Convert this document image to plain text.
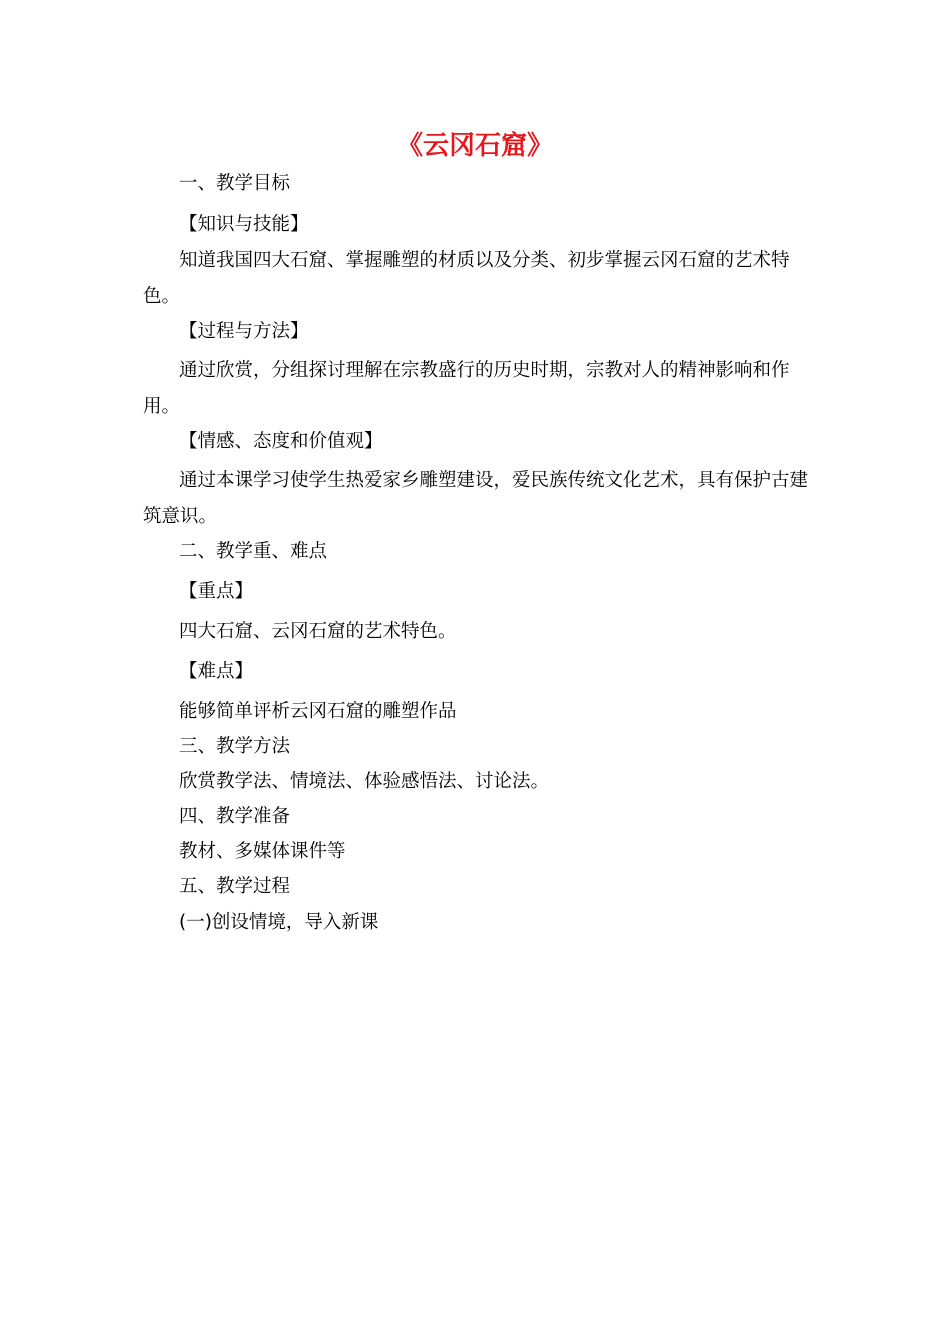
《云冈石窟》

一、教学目标

【知识与技能】

知道我国四大石窟、掌握雕塑的材质以及分类、初步掌握云冈石窟的艺术特色。

【过程与方法】

通过欣赏，分组探讨理解在宗教盛行的历史时期，宗教对人的精神影响和作用。

【情感、态度和价值观】

通过本课学习使学生热爱家乡雕塑建设，爱民族传统文化艺术，具有保护古建筑意识。

二、教学重、难点

【重点】

四大石窟、云冈石窟的艺术特色。

【难点】

能够简单评析云冈石窟的雕塑作品

三、教学方法

欣赏教学法、情境法、体验感悟法、讨论法。

四、教学准备

教材、多媒体课件等

五、教学过程

(一)创设情境，导入新课
